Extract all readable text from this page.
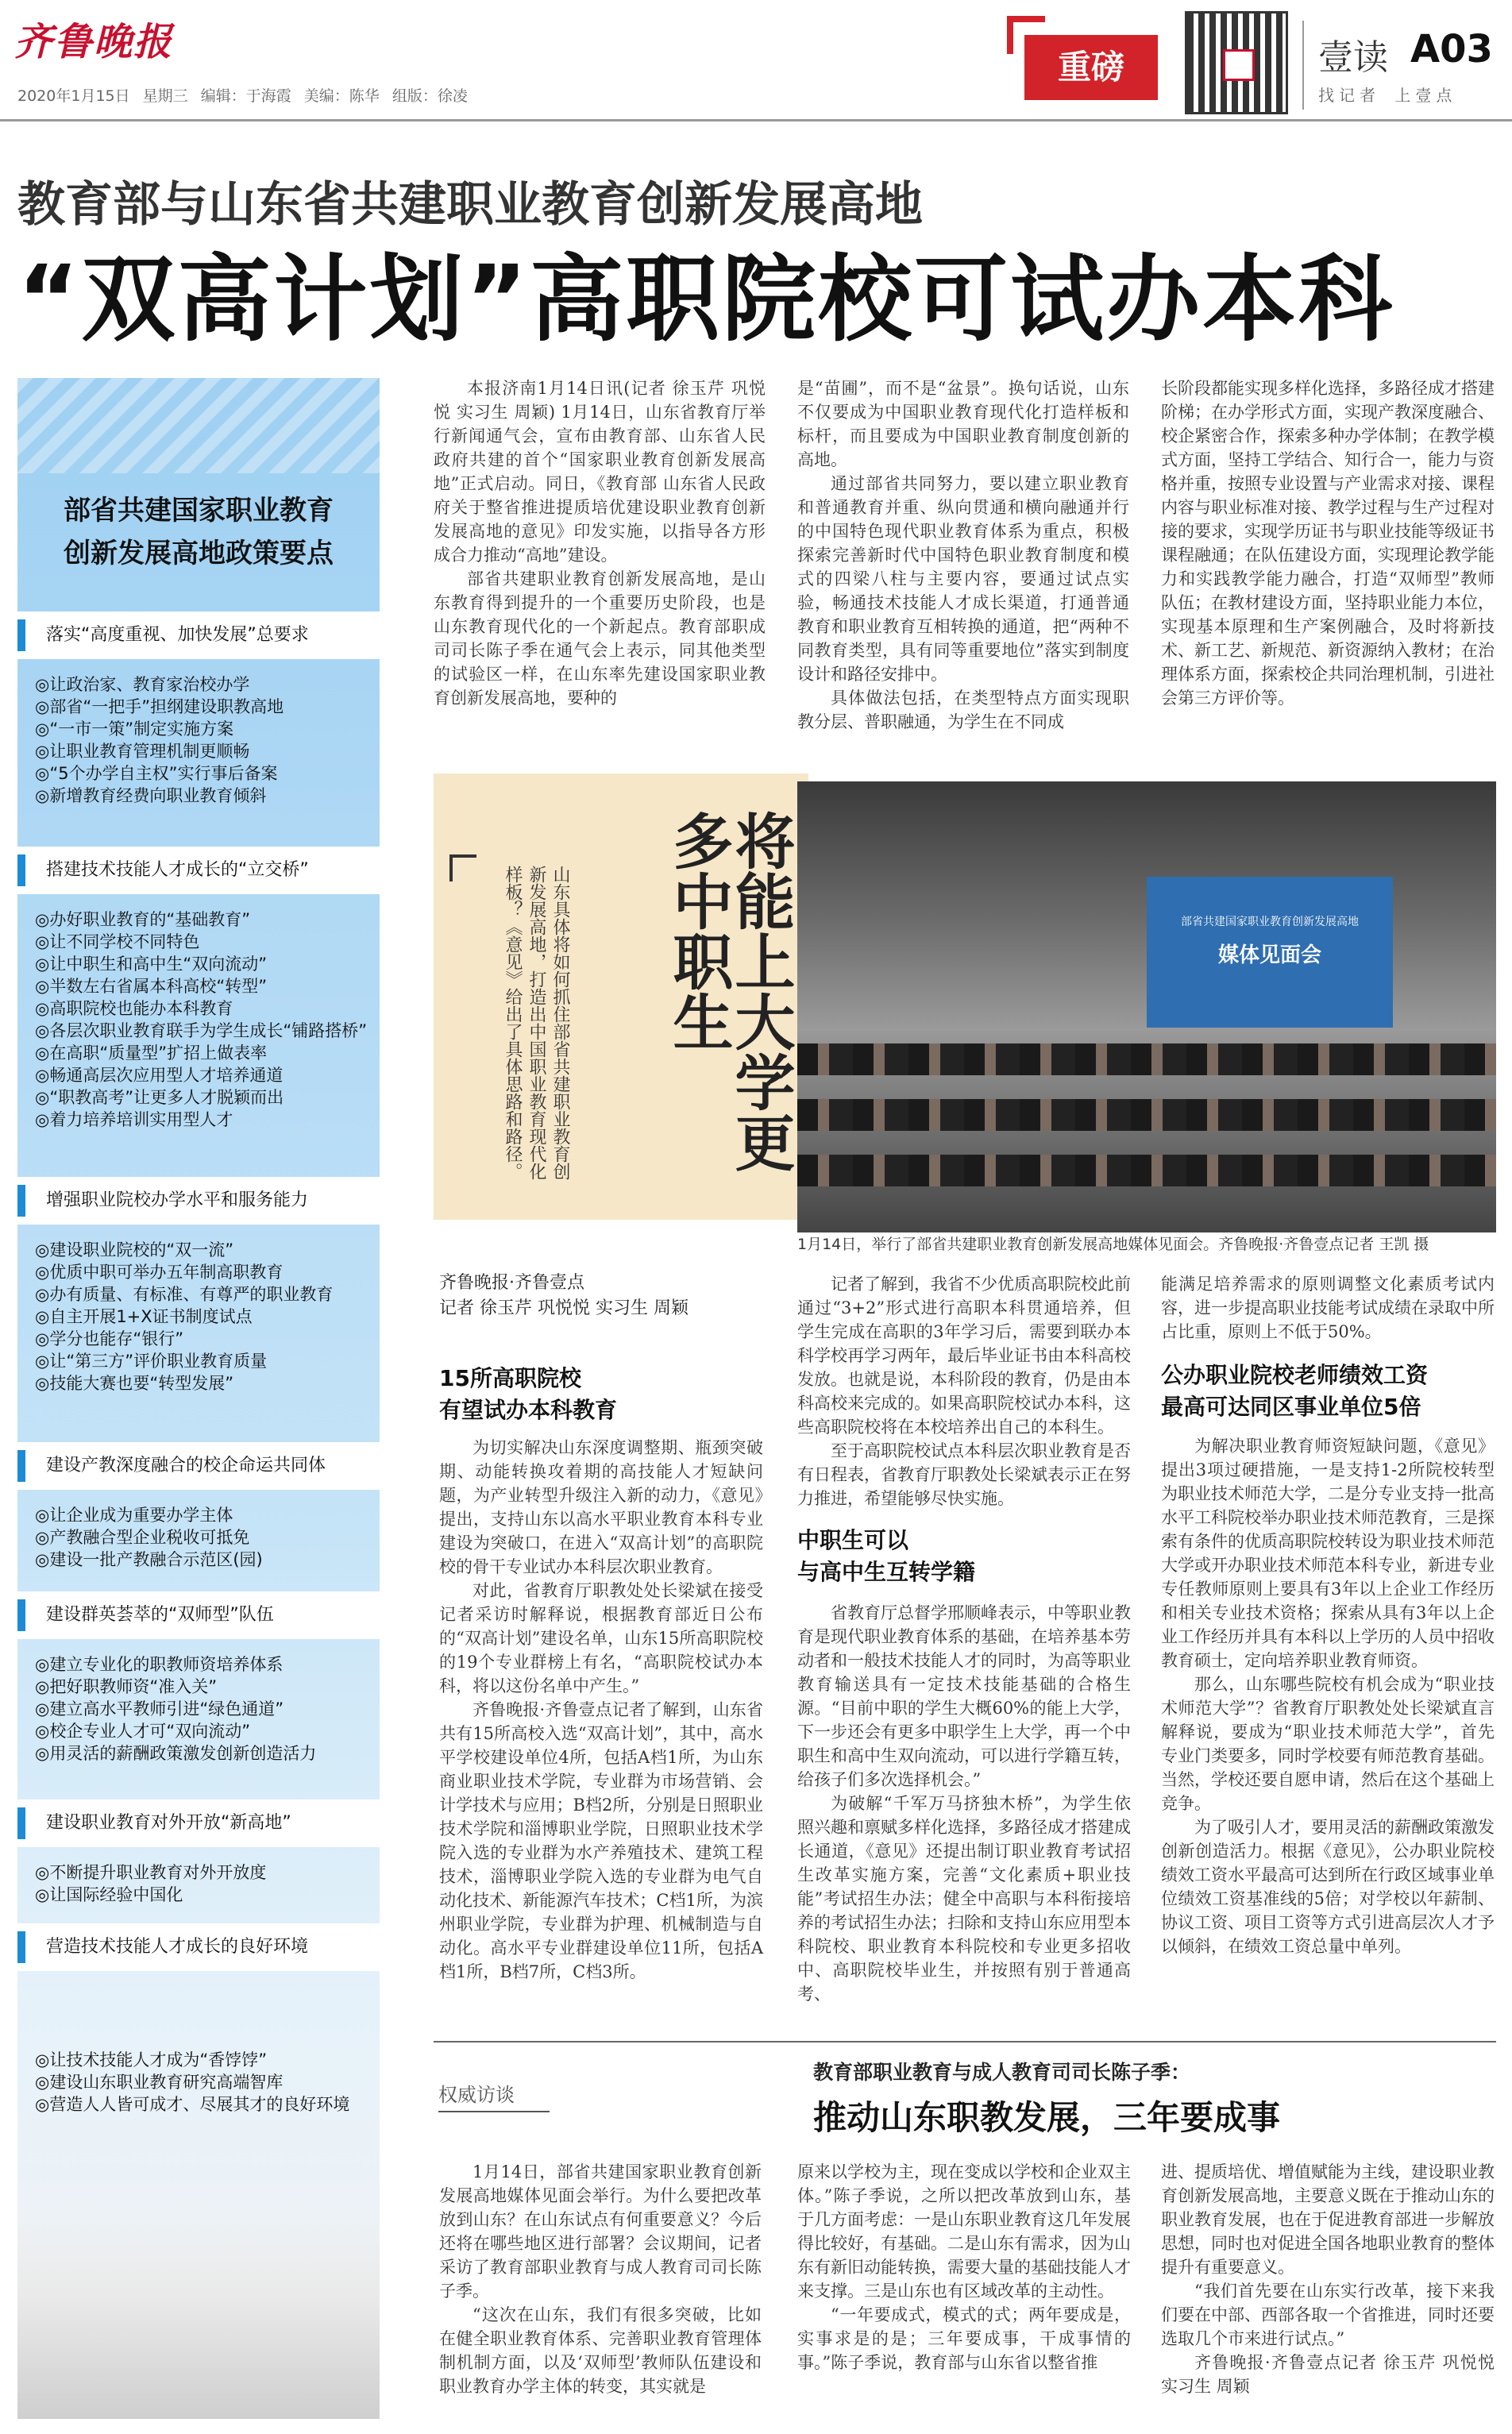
齐鲁晚报
2020年1月15日 星期三 编辑：于海霞 美编：陈华 组版：徐凌
重磅	壹读 A03
找记者 上壹点
教育部与山东省共建职业教育创新发展高地
“双高计划”高职院校可试办本科
部省共建国家职业教育
创新发展高地政策要点
落实“高度重视、加快发展”总要求
◎让政治家、教育家治校办学
◎部省“一把手”担纲建设职教高地
◎“一市一策”制定实施方案
◎让职业教育管理机制更顺畅
◎“5个办学自主权”实行事后备案
◎新增教育经费向职业教育倾斜
搭建技术技能人才成长的“立交桥”
◎办好职业教育的“基础教育”
◎让不同学校不同特色
◎让中职生和高中生“双向流动”
◎半数左右省属本科高校“转型”
◎高职院校也能办本科教育
◎各层次职业教育联手为学生成长“铺路搭桥”
◎在高职“质量型”扩招上做表率
◎畅通高层次应用型人才培养通道
◎“职教高考”让更多人才脱颖而出
◎着力培养培训实用型人才
增强职业院校办学水平和服务能力
◎建设职业院校的“双一流”
◎优质中职可举办五年制高职教育
◎办有质量、有标准、有尊严的职业教育
◎自主开展1+X证书制度试点
◎学分也能存“银行”
◎让“第三方”评价职业教育质量
◎技能大赛也要“转型发展”
建设产教深度融合的校企命运共同体
◎让企业成为重要办学主体
◎产教融合型企业税收可抵免
◎建设一批产教融合示范区(园)
建设群英荟萃的“双师型”队伍
◎建立专业化的职教师资培养体系
◎把好职教师资“准入关”
◎建立高水平教师引进“绿色通道”
◎校企专业人才可“双向流动”
◎用灵活的薪酬政策激发创新创造活力
建设职业教育对外开放“新高地”
◎不断提升职业教育对外开放度
◎让国际经验中国化
营造技术技能人才成长的良好环境
◎让技术技能人才成为“香饽饽”
◎建设山东职业教育研究高端智库
◎营造人人皆可成才、尽展其才的良好环境

本报济南1月14日讯(记者 徐玉芹 巩悦悦 实习生 周颖) 1月14日，山东省教育厅举行新闻通气会，宣布由教育部、山东省人民政府共建的首个“国家职业教育创新发展高地”正式启动。同日，《教育部 山东省人民政府关于整省推进提质培优建设职业教育创新发展高地的意见》印发实施，以指导各方形成合力推动“高地”建设。

部省共建职业教育创新发展高地，是山东教育得到提升的一个重要历史阶段，也是山东教育现代化的一个新起点。教育部职成司司长陈子季在通气会上表示，同其他类型的试验区一样，在山东率先建设国家职业教育创新发展高地，要种的

是“苗圃”，而不是“盆景”。换句话说，山东不仅要成为中国职业教育现代化打造样板和标杆，而且要成为中国职业教育制度创新的高地。

通过部省共同努力，要以建立职业教育和普通教育并重、纵向贯通和横向融通并行的中国特色现代职业教育体系为重点，积极探索完善新时代中国特色职业教育制度和模式的四梁八柱与主要内容，要通过试点实验，畅通技术技能人才成长渠道，打通普通教育和职业教育互相转换的通道，把“两种不同教育类型，具有同等重要地位”落实到制度设计和路径安排中。

具体做法包括，在类型特点方面实现职教分层、普职融通，为学生在不同成

长阶段都能实现多样化选择，多路径成才搭建阶梯；在办学形式方面，实现产教深度融合、校企紧密合作，探索多种办学体制；在教学模式方面，坚持工学结合、知行合一，能力与资格并重，按照专业设置与产业需求对接、课程内容与职业标准对接、教学过程与生产过程对接的要求，实现学历证书与职业技能等级证书课程融通；在队伍建设方面，实现理论教学能力和实践教学能力融合，打造“双师型”教师队伍；在教材建设方面，坚持职业能力本位，实现基本原理和生产案例融合，及时将新技术、新工艺、新规范、新资源纳入教材；在治理体系方面，探索校企共同治理机制，引进社会第三方评价等。

将能上大学更多中职生
山东具体将如何抓住部省共建职业教育创新发展高地，打造出中国职业教育现代化样板？《意见》给出了具体思路和路径。	部省共建国家职业教育创新发展高地
媒体见面会
1月14日，举行了部省共建职业教育创新发展高地媒体见面会。齐鲁晚报·齐鲁壹点记者 王凯 摄
齐鲁晚报·齐鲁壹点
记者 徐玉芹 巩悦悦 实习生 周颖
15所高职院校
有望试办本科教育

为切实解决山东深度调整期、瓶颈突破期、动能转换攻着期的高技能人才短缺问题，为产业转型升级注入新的动力，《意见》提出，支持山东以高水平职业教育本科专业建设为突破口，在进入“双高计划”的高职院校的骨干专业试办本科层次职业教育。

对此，省教育厅职教处处长梁斌在接受记者采访时解释说，根据教育部近日公布的“双高计划”建设名单，山东15所高职院校的19个专业群榜上有名，“高职院校试办本科，将以这份名单中产生。”

齐鲁晚报·齐鲁壹点记者了解到，山东省共有15所高校入选“双高计划”，其中，高水平学校建设单位4所，包括A档1所，为山东商业职业技术学院，专业群为市场营销、会计学技术与应用；B档2所，分别是日照职业技术学院和淄博职业学院，日照职业技术学院入选的专业群为水产养殖技术、建筑工程技术，淄博职业学院入选的专业群为电气自动化技术、新能源汽车技术；C档1所，为滨州职业学院，专业群为护理、机械制造与自动化。高水平专业群建设单位11所，包括A档1所，B档7所，C档3所。

记者了解到，我省不少优质高职院校此前通过“3+2”形式进行高职本科贯通培养，但学生完成在高职的3年学习后，需要到联办本科学校再学习两年，最后毕业证书由本科高校发放。也就是说，本科阶段的教育，仍是由本科高校来完成的。如果高职院校试办本科，这些高职院校将在本校培养出自己的本科生。

至于高职院校试点本科层次职业教育是否有日程表，省教育厅职教处长梁斌表示正在努力推进，希望能够尽快实施。

中职生可以
与高中生互转学籍

省教育厅总督学邢顺峰表示，中等职业教育是现代职业教育体系的基础，在培养基本劳动者和一般技术技能人才的同时，为高等职业教育输送具有一定技术技能基础的合格生源。“目前中职的学生大概60%的能上大学，下一步还会有更多中职学生上大学，再一个中职生和高中生双向流动，可以进行学籍互转，给孩子们多次选择机会。”

为破解“千军万马挤独木桥”，为学生依照兴趣和禀赋多样化选择，多路径成才搭建成长通道，《意见》还提出制订职业教育考试招生改革实施方案，完善“文化素质+职业技能”考试招生办法；健全中高职与本科衔接培养的考试招生办法；扫除和支持山东应用型本科院校、职业教育本科院校和专业更多招收中、高职院校毕业生，并按照有别于普通高考、

能满足培养需求的原则调整文化素质考试内容，进一步提高职业技能考试成绩在录取中所占比重，原则上不低于50%。

公办职业院校老师绩效工资
最高可达同区事业单位5倍

为解决职业教育师资短缺问题，《意见》提出3项过硬措施，一是支持1-2所院校转型为职业技术师范大学，二是分专业支持一批高水平工科院校举办职业技术师范教育，三是探索有条件的优质高职院校转设为职业技术师范大学或开办职业技术师范本科专业，新进专业专任教师原则上要具有3年以上企业工作经历和相关专业技术资格；探索从具有3年以上企业工作经历并具有本科以上学历的人员中招收教育硕士，定向培养职业教育师资。

那么，山东哪些院校有机会成为“职业技术师范大学”？省教育厅职教处处长梁斌直言解释说，要成为“职业技术师范大学”，首先专业门类要多，同时学校要有师范教育基础。当然，学校还要自愿申请，然后在这个基础上竞争。

为了吸引人才，要用灵活的薪酬政策激发创新创造活力。根据《意见》，公办职业院校绩效工资水平最高可达到所在行政区域事业单位绩效工资基准线的5倍；对学校以年薪制、协议工资、项目工资等方式引进高层次人才予以倾斜，在绩效工资总量中单列。

权威访谈
教育部职业教育与成人教育司司长陈子季：
推动山东职教发展，三年要成事

1月14日，部省共建国家职业教育创新发展高地媒体见面会举行。为什么要把改革放到山东？在山东试点有何重要意义？今后还将在哪些地区进行部署？会议期间，记者采访了教育部职业教育与成人教育司司长陈子季。

“这次在山东，我们有很多突破，比如在健全职业教育体系、完善职业教育管理体制机制方面，以及‘双师型’教师队伍建设和职业教育办学主体的转变，其实就是

原来以学校为主，现在变成以学校和企业双主体。”陈子季说，之所以把改革放到山东，基于几方面考虑：一是山东职业教育这几年发展得比较好，有基础。二是山东有需求，因为山东有新旧动能转换，需要大量的基础技能人才来支撑。三是山东也有区域改革的主动性。

“一年要成式，模式的式；两年要成是，实事求是的是；三年要成事，干成事情的事。”陈子季说，教育部与山东省以整省推

进、提质培优、增值赋能为主线，建设职业教育创新发展高地，主要意义既在于推动山东的职业教育发展，也在于促进教育部进一步解放思想，同时也对促进全国各地职业教育的整体提升有重要意义。

“我们首先要在山东实行改革，接下来我们要在中部、西部各取一个省推进，同时还要选取几个市来进行试点。”

齐鲁晚报·齐鲁壹点记者 徐玉芹 巩悦悦 实习生 周颖
